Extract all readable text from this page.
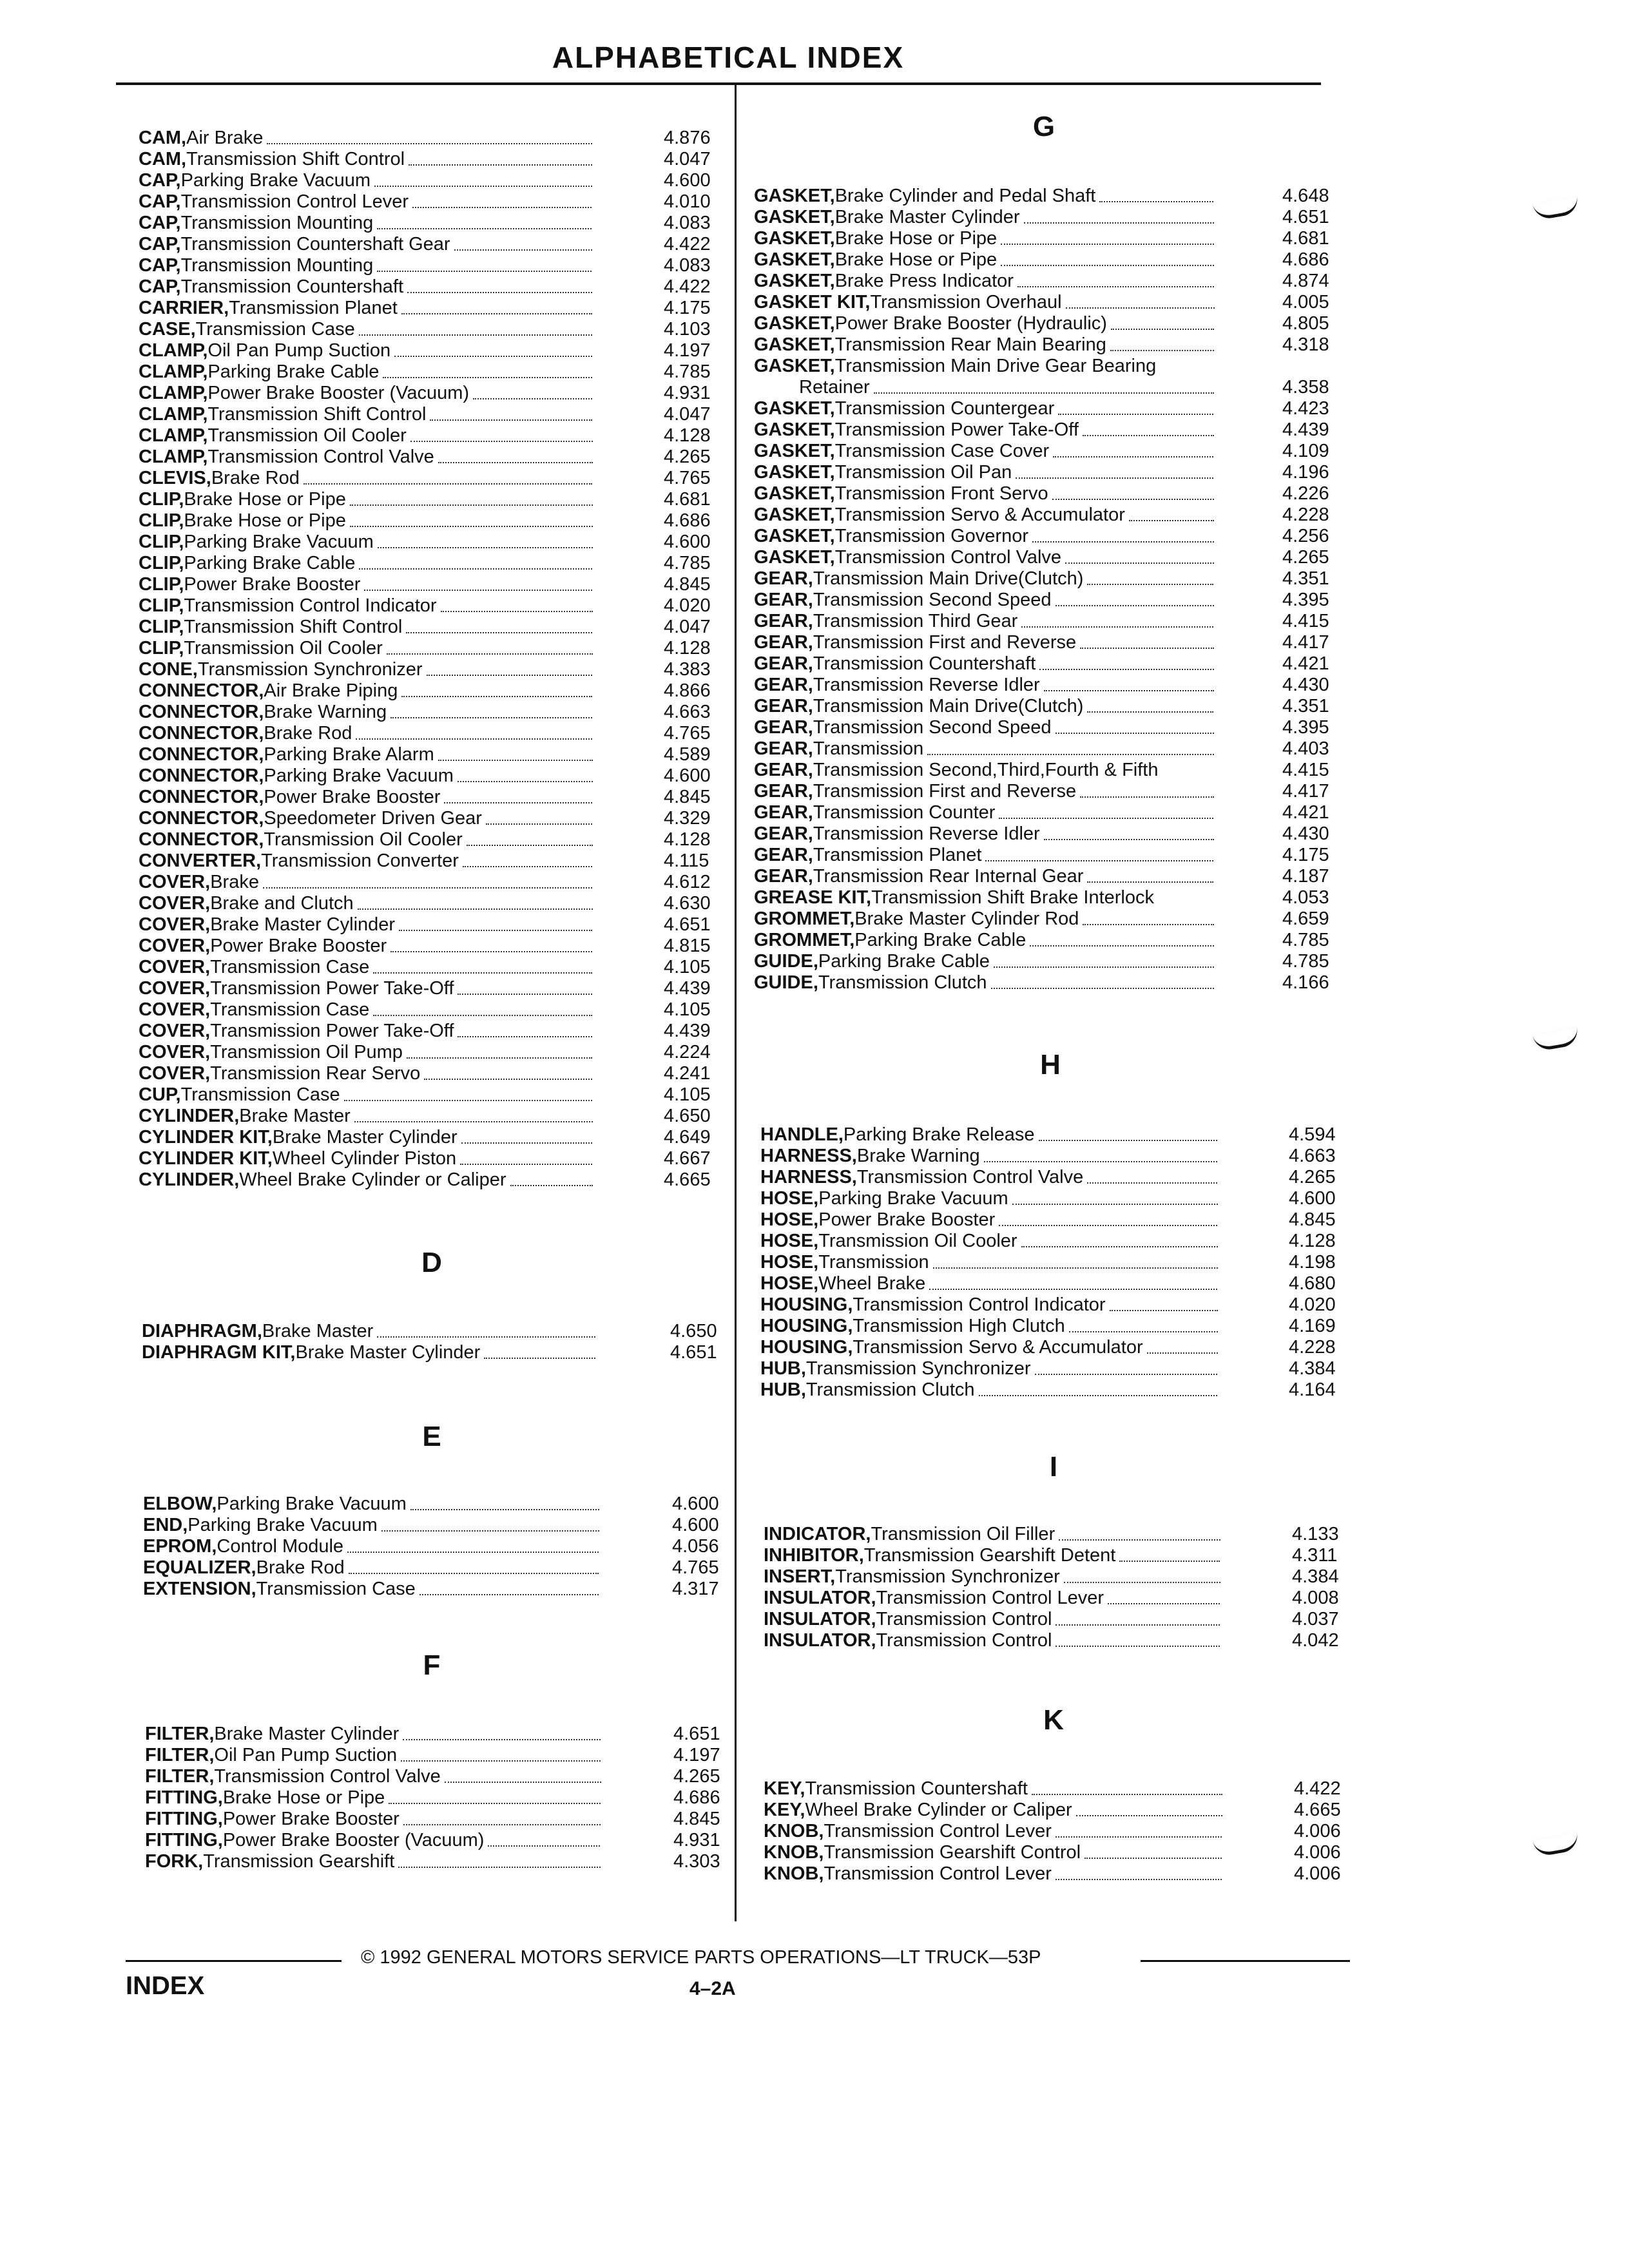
ALPHABETICAL INDEX
© 1992 GENERAL MOTORS SERVICE PARTS OPERATIONS—LT TRUCK—53P
INDEX	4–2A
CAM, Air Brake	4.876
CAM, Transmission Shift Control	4.047
CAP, Parking Brake Vacuum	4.600
CAP, Transmission Control Lever	4.010
CAP, Transmission Mounting	4.083
CAP, Transmission Countershaft Gear	4.422
CAP, Transmission Mounting	4.083
CAP, Transmission Countershaft	4.422
CARRIER, Transmission Planet	4.175
CASE, Transmission Case	4.103
CLAMP, Oil Pan Pump Suction	4.197
CLAMP, Parking Brake Cable	4.785
CLAMP, Power Brake Booster (Vacuum)	4.931
CLAMP, Transmission Shift Control	4.047
CLAMP, Transmission Oil Cooler	4.128
CLAMP, Transmission Control Valve	4.265
CLEVIS, Brake Rod	4.765
CLIP, Brake Hose or Pipe	4.681
CLIP, Brake Hose or Pipe	4.686
CLIP, Parking Brake Vacuum	4.600
CLIP, Parking Brake Cable	4.785
CLIP, Power Brake Booster	4.845
CLIP, Transmission Control Indicator	4.020
CLIP, Transmission Shift Control	4.047
CLIP, Transmission Oil Cooler	4.128
CONE, Transmission Synchronizer	4.383
CONNECTOR, Air Brake Piping	4.866
CONNECTOR, Brake Warning	4.663
CONNECTOR, Brake Rod	4.765
CONNECTOR, Parking Brake Alarm	4.589
CONNECTOR, Parking Brake Vacuum	4.600
CONNECTOR, Power Brake Booster	4.845
CONNECTOR, Speedometer Driven Gear	4.329
CONNECTOR, Transmission Oil Cooler	4.128
CONVERTER, Transmission Converter	4.115
COVER, Brake	4.612
COVER, Brake and Clutch	4.630
COVER, Brake Master Cylinder	4.651
COVER, Power Brake Booster	4.815
COVER, Transmission Case	4.105
COVER, Transmission Power Take-Off	4.439
COVER, Transmission Case	4.105
COVER, Transmission Power Take-Off	4.439
COVER, Transmission Oil Pump	4.224
COVER, Transmission Rear Servo	4.241
CUP, Transmission Case	4.105
CYLINDER, Brake Master	4.650
CYLINDER KIT, Brake Master Cylinder	4.649
CYLINDER KIT, Wheel Cylinder Piston	4.667
CYLINDER, Wheel Brake Cylinder or Caliper	4.665
D
DIAPHRAGM, Brake Master	4.650
DIAPHRAGM KIT, Brake Master Cylinder	4.651
E
ELBOW, Parking Brake Vacuum	4.600
END, Parking Brake Vacuum	4.600
EPROM, Control Module	4.056
EQUALIZER, Brake Rod	4.765
EXTENSION, Transmission Case	4.317
F
FILTER, Brake Master Cylinder	4.651
FILTER, Oil Pan Pump Suction	4.197
FILTER, Transmission Control Valve	4.265
FITTING, Brake Hose or Pipe	4.686
FITTING, Power Brake Booster	4.845
FITTING, Power Brake Booster (Vacuum)	4.931
FORK, Transmission Gearshift	4.303
G
GASKET, Brake Cylinder and Pedal Shaft	4.648
GASKET, Brake Master Cylinder	4.651
GASKET, Brake Hose or Pipe	4.681
GASKET, Brake Hose or Pipe	4.686
GASKET, Brake Press Indicator	4.874
GASKET KIT, Transmission Overhaul	4.005
GASKET, Power Brake Booster (Hydraulic)	4.805
GASKET, Transmission Rear Main Bearing	4.318
GASKET, Transmission Main Drive Gear Bearing
Retainer	4.358
GASKET, Transmission Countergear	4.423
GASKET, Transmission Power Take-Off	4.439
GASKET, Transmission Case Cover	4.109
GASKET, Transmission Oil Pan	4.196
GASKET, Transmission Front Servo	4.226
GASKET, Transmission Servo & Accumulator	4.228
GASKET, Transmission Governor	4.256
GASKET, Transmission Control Valve	4.265
GEAR, Transmission Main Drive(Clutch)	4.351
GEAR, Transmission Second Speed	4.395
GEAR, Transmission Third Gear	4.415
GEAR, Transmission First and Reverse	4.417
GEAR, Transmission Countershaft	4.421
GEAR, Transmission Reverse Idler	4.430
GEAR, Transmission Main Drive(Clutch)	4.351
GEAR, Transmission Second Speed	4.395
GEAR, Transmission	4.403
GEAR, Transmission Second,Third,Fourth & Fifth	4.415
GEAR, Transmission First and Reverse	4.417
GEAR, Transmission Counter	4.421
GEAR, Transmission Reverse Idler	4.430
GEAR, Transmission Planet	4.175
GEAR, Transmission Rear Internal Gear	4.187
GREASE KIT, Transmission Shift Brake Interlock	4.053
GROMMET, Brake Master Cylinder Rod	4.659
GROMMET, Parking Brake Cable	4.785
GUIDE, Parking Brake Cable	4.785
GUIDE, Transmission Clutch	4.166
H
HANDLE, Parking Brake Release	4.594
HARNESS, Brake Warning	4.663
HARNESS, Transmission Control Valve	4.265
HOSE, Parking Brake Vacuum	4.600
HOSE, Power Brake Booster	4.845
HOSE, Transmission Oil Cooler	4.128
HOSE, Transmission	4.198
HOSE, Wheel Brake	4.680
HOUSING, Transmission Control Indicator	4.020
HOUSING, Transmission High Clutch	4.169
HOUSING, Transmission Servo & Accumulator	4.228
HUB, Transmission Synchronizer	4.384
HUB, Transmission Clutch	4.164
I
INDICATOR, Transmission Oil Filler	4.133
INHIBITOR, Transmission Gearshift Detent	4.311
INSERT, Transmission Synchronizer	4.384
INSULATOR, Transmission Control Lever	4.008
INSULATOR, Transmission Control	4.037
INSULATOR, Transmission Control	4.042
K
KEY, Transmission Countershaft	4.422
KEY, Wheel Brake Cylinder or Caliper	4.665
KNOB, Transmission Control Lever	4.006
KNOB, Transmission Gearshift Control	4.006
KNOB, Transmission Control Lever	4.006
